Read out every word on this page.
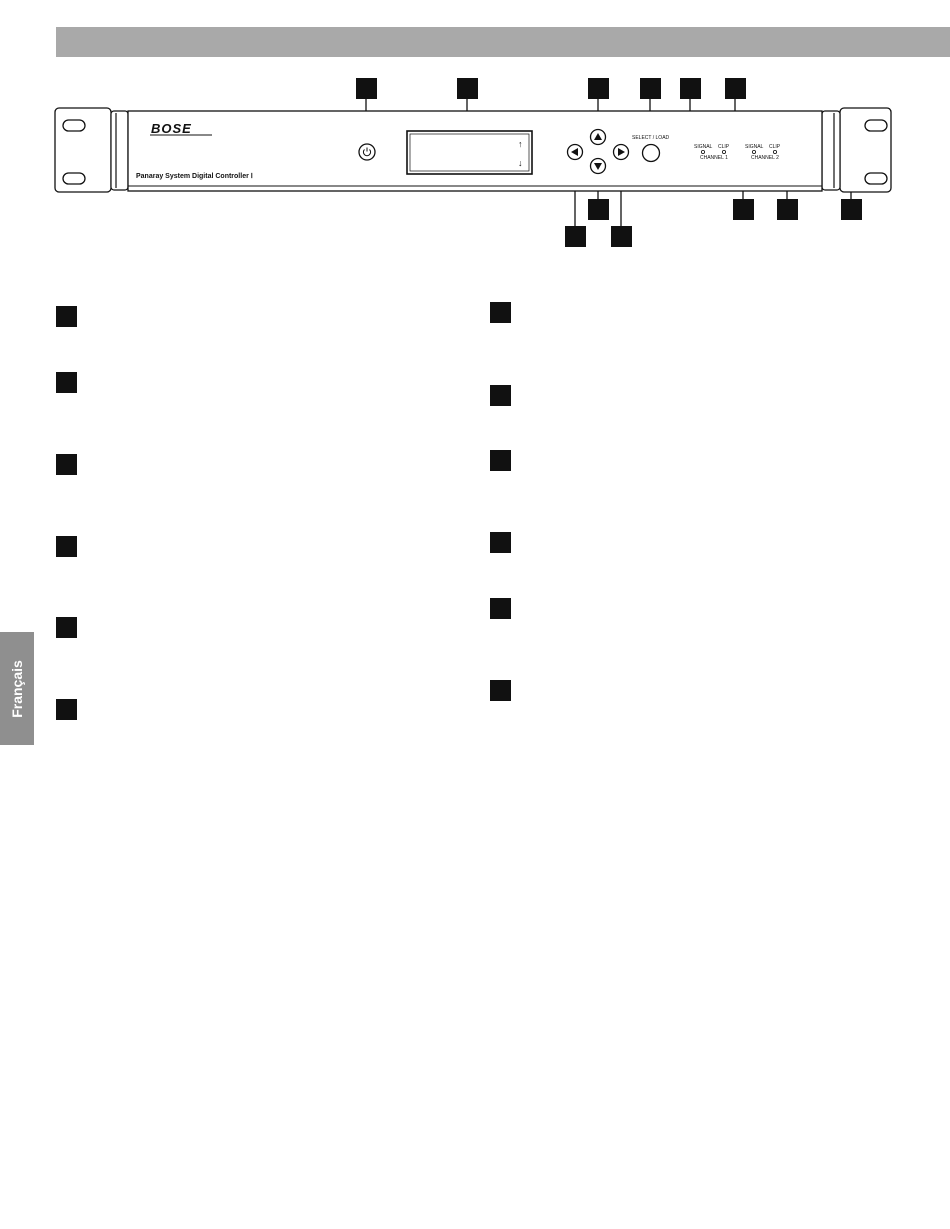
BOSE
Panaray System Digital Controller Ⅰ
↑
↓
SELECT / LOAD
SIGNAL CLIP
CHANNEL 1
SIGNAL CLIP
CHANNEL 2
Français
